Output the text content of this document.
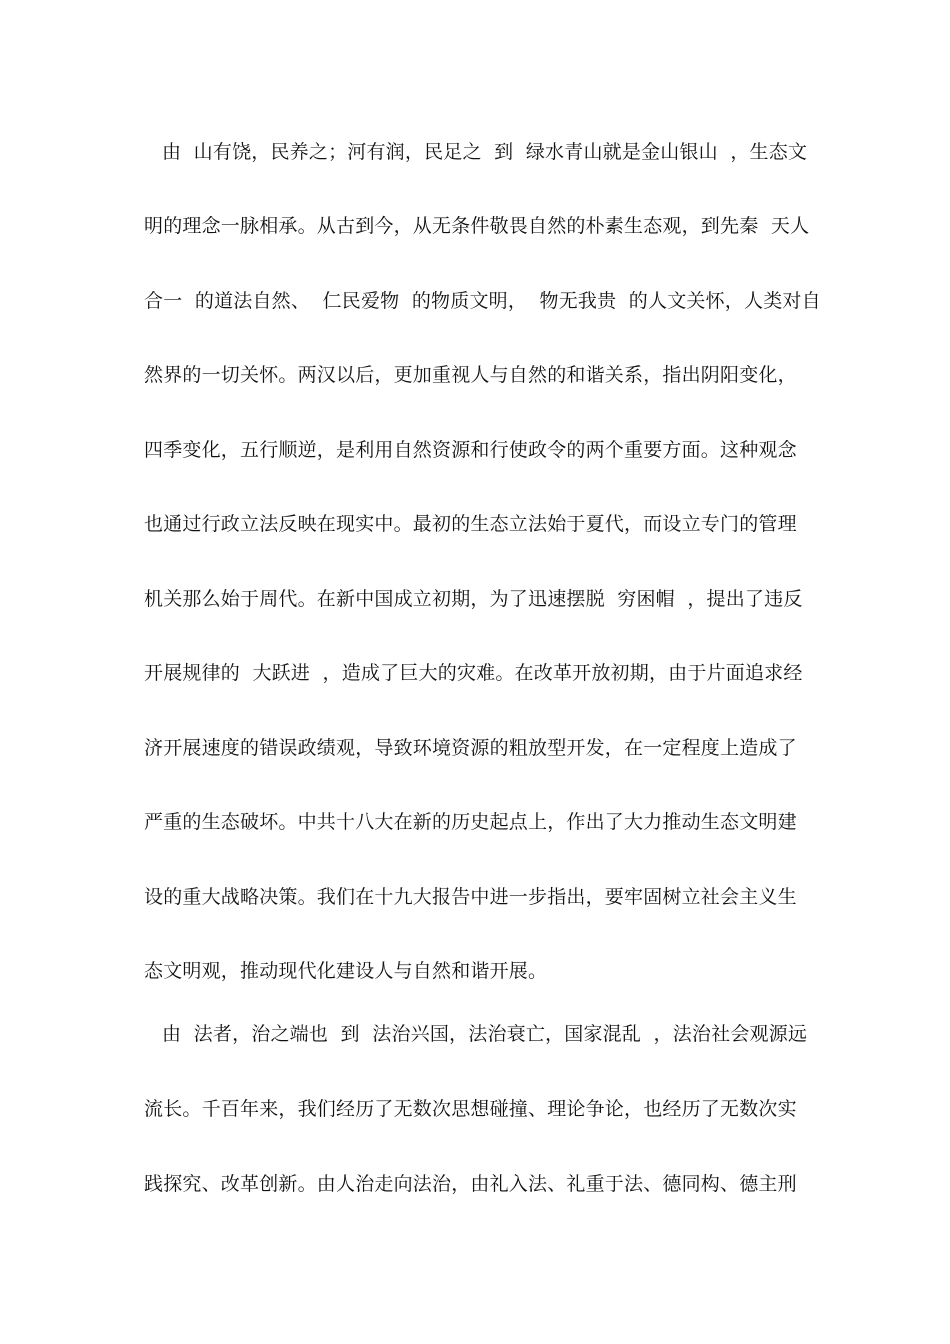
由  山有饶，民养之；河有润，民足之  到  绿水青山就是金山银山  ，生态文
明的理念一脉相承。从古到今，从无条件敬畏自然的朴素生态观，到先秦  天人
合一  的道法自然、  仁民爱物  的物质文明，  物无我贵  的人文关怀，人类对自
然界的一切关怀。两汉以后，更加重视人与自然的和谐关系，指出阴阳变化，
四季变化，五行顺逆，是利用自然资源和行使政令的两个重要方面。这种观念
也通过行政立法反映在现实中。最初的生态立法始于夏代，而设立专门的管理
机关那么始于周代。在新中国成立初期，为了迅速摆脱  穷困帽  ，提出了违反
开展规律的  大跃进  ，造成了巨大的灾难。在改革开放初期，由于片面追求经
济开展速度的错误政绩观，导致环境资源的粗放型开发，在一定程度上造成了
严重的生态破坏。中共十八大在新的历史起点上，作出了大力推动生态文明建
设的重大战略决策。我们在十九大报告中进一步指出，要牢固树立社会主义生
态文明观，推动现代化建设人与自然和谐开展。
由  法者，治之端也  到  法治兴国，法治衰亡，国家混乱  ，法治社会观源远
流长。千百年来，我们经历了无数次思想碰撞、理论争论，也经历了无数次实
践探究、改革创新。由人治走向法治，由礼入法、礼重于法、德同构、德主刑
